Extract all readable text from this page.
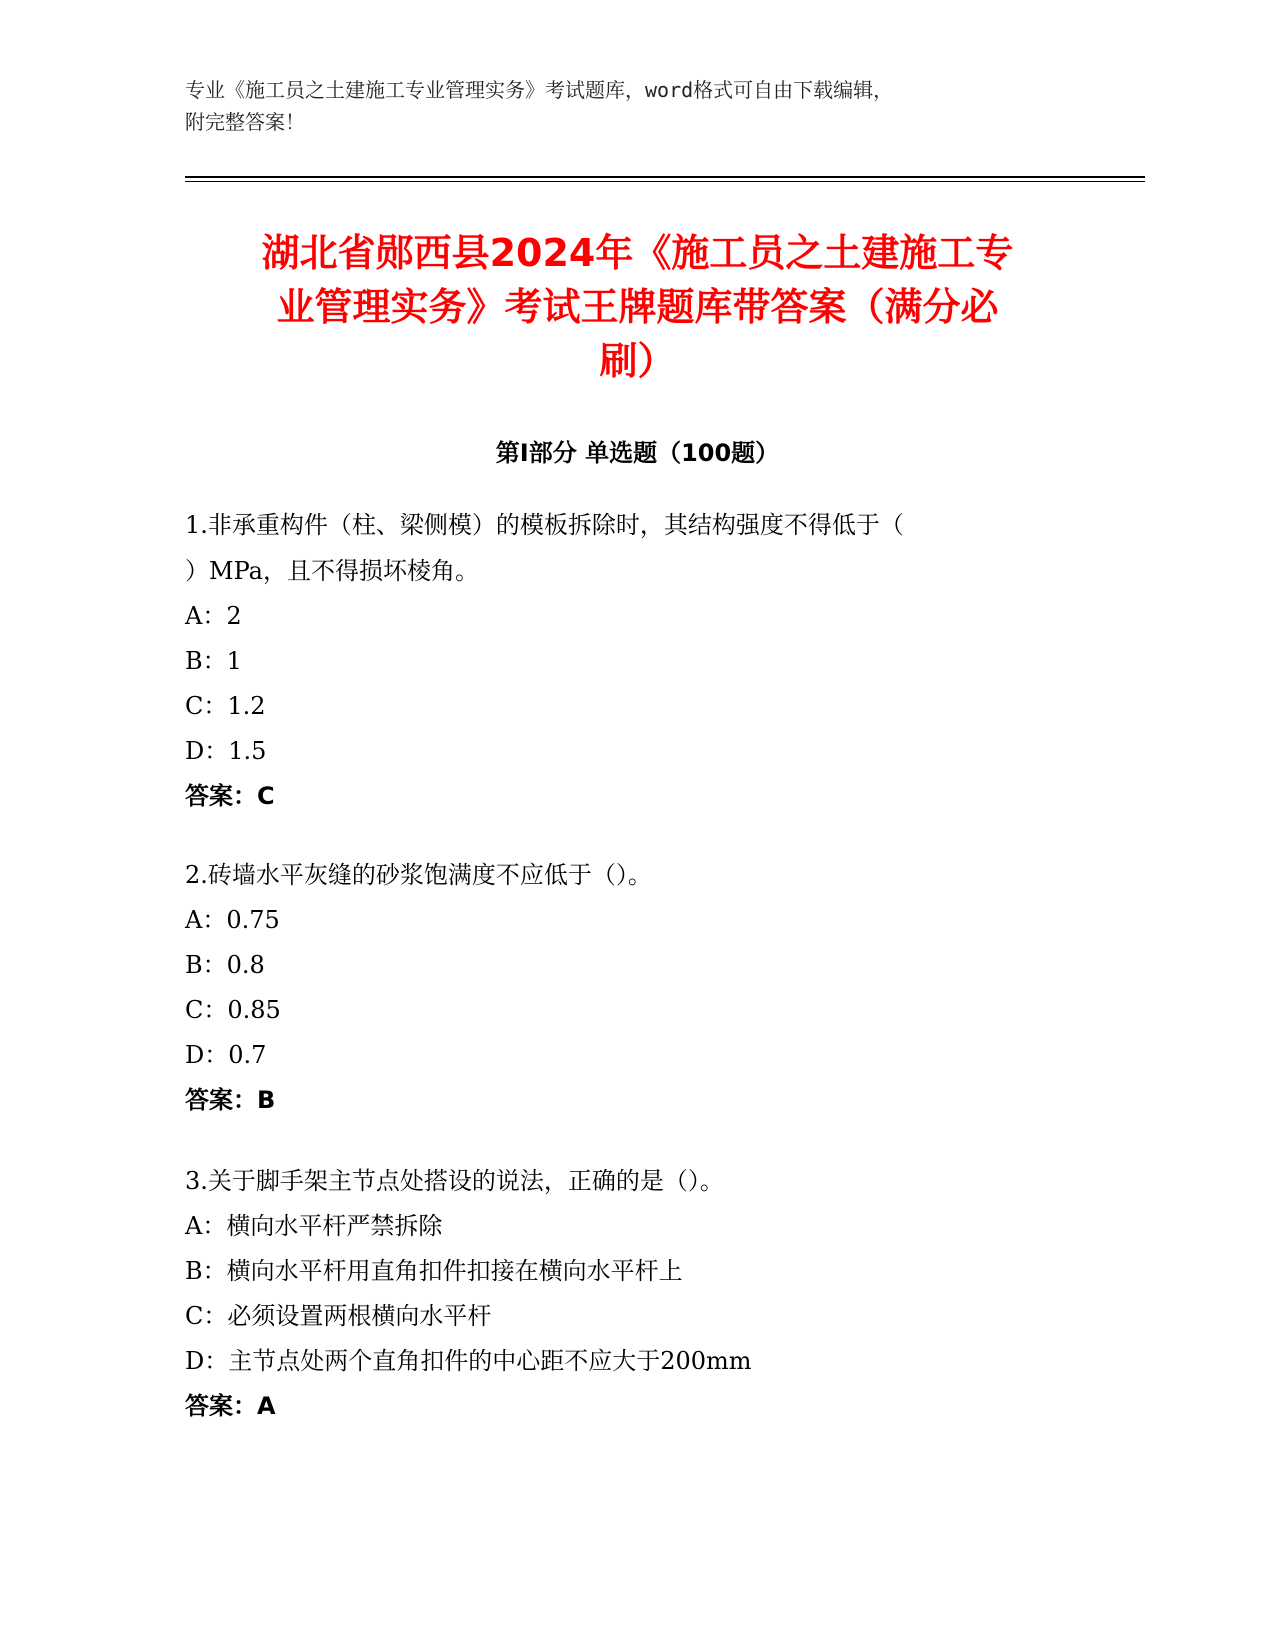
专业《施工员之土建施工专业管理实务》考试题库，word格式可自由下载编辑，
附完整答案！
湖北省郧西县2024年《施工员之土建施工专
业管理实务》考试王牌题库带答案（满分必
刷）
第I部分 单选题（100题）
1.非承重构件（柱、梁侧模）的模板拆除时，其结构强度不得低于（
）MPa，且不得损坏棱角。
A：2
B：1
C：1.2
D：1.5
答案：C
2.砖墙水平灰缝的砂浆饱满度不应低于（）。
A：0.75
B：0.8
C：0.85
D：0.7
答案：B
3.关于脚手架主节点处搭设的说法，正确的是（）。
A：横向水平杆严禁拆除
B：横向水平杆用直角扣件扣接在横向水平杆上
C：必须设置两根横向水平杆
D：主节点处两个直角扣件的中心距不应大于200mm
答案：A
